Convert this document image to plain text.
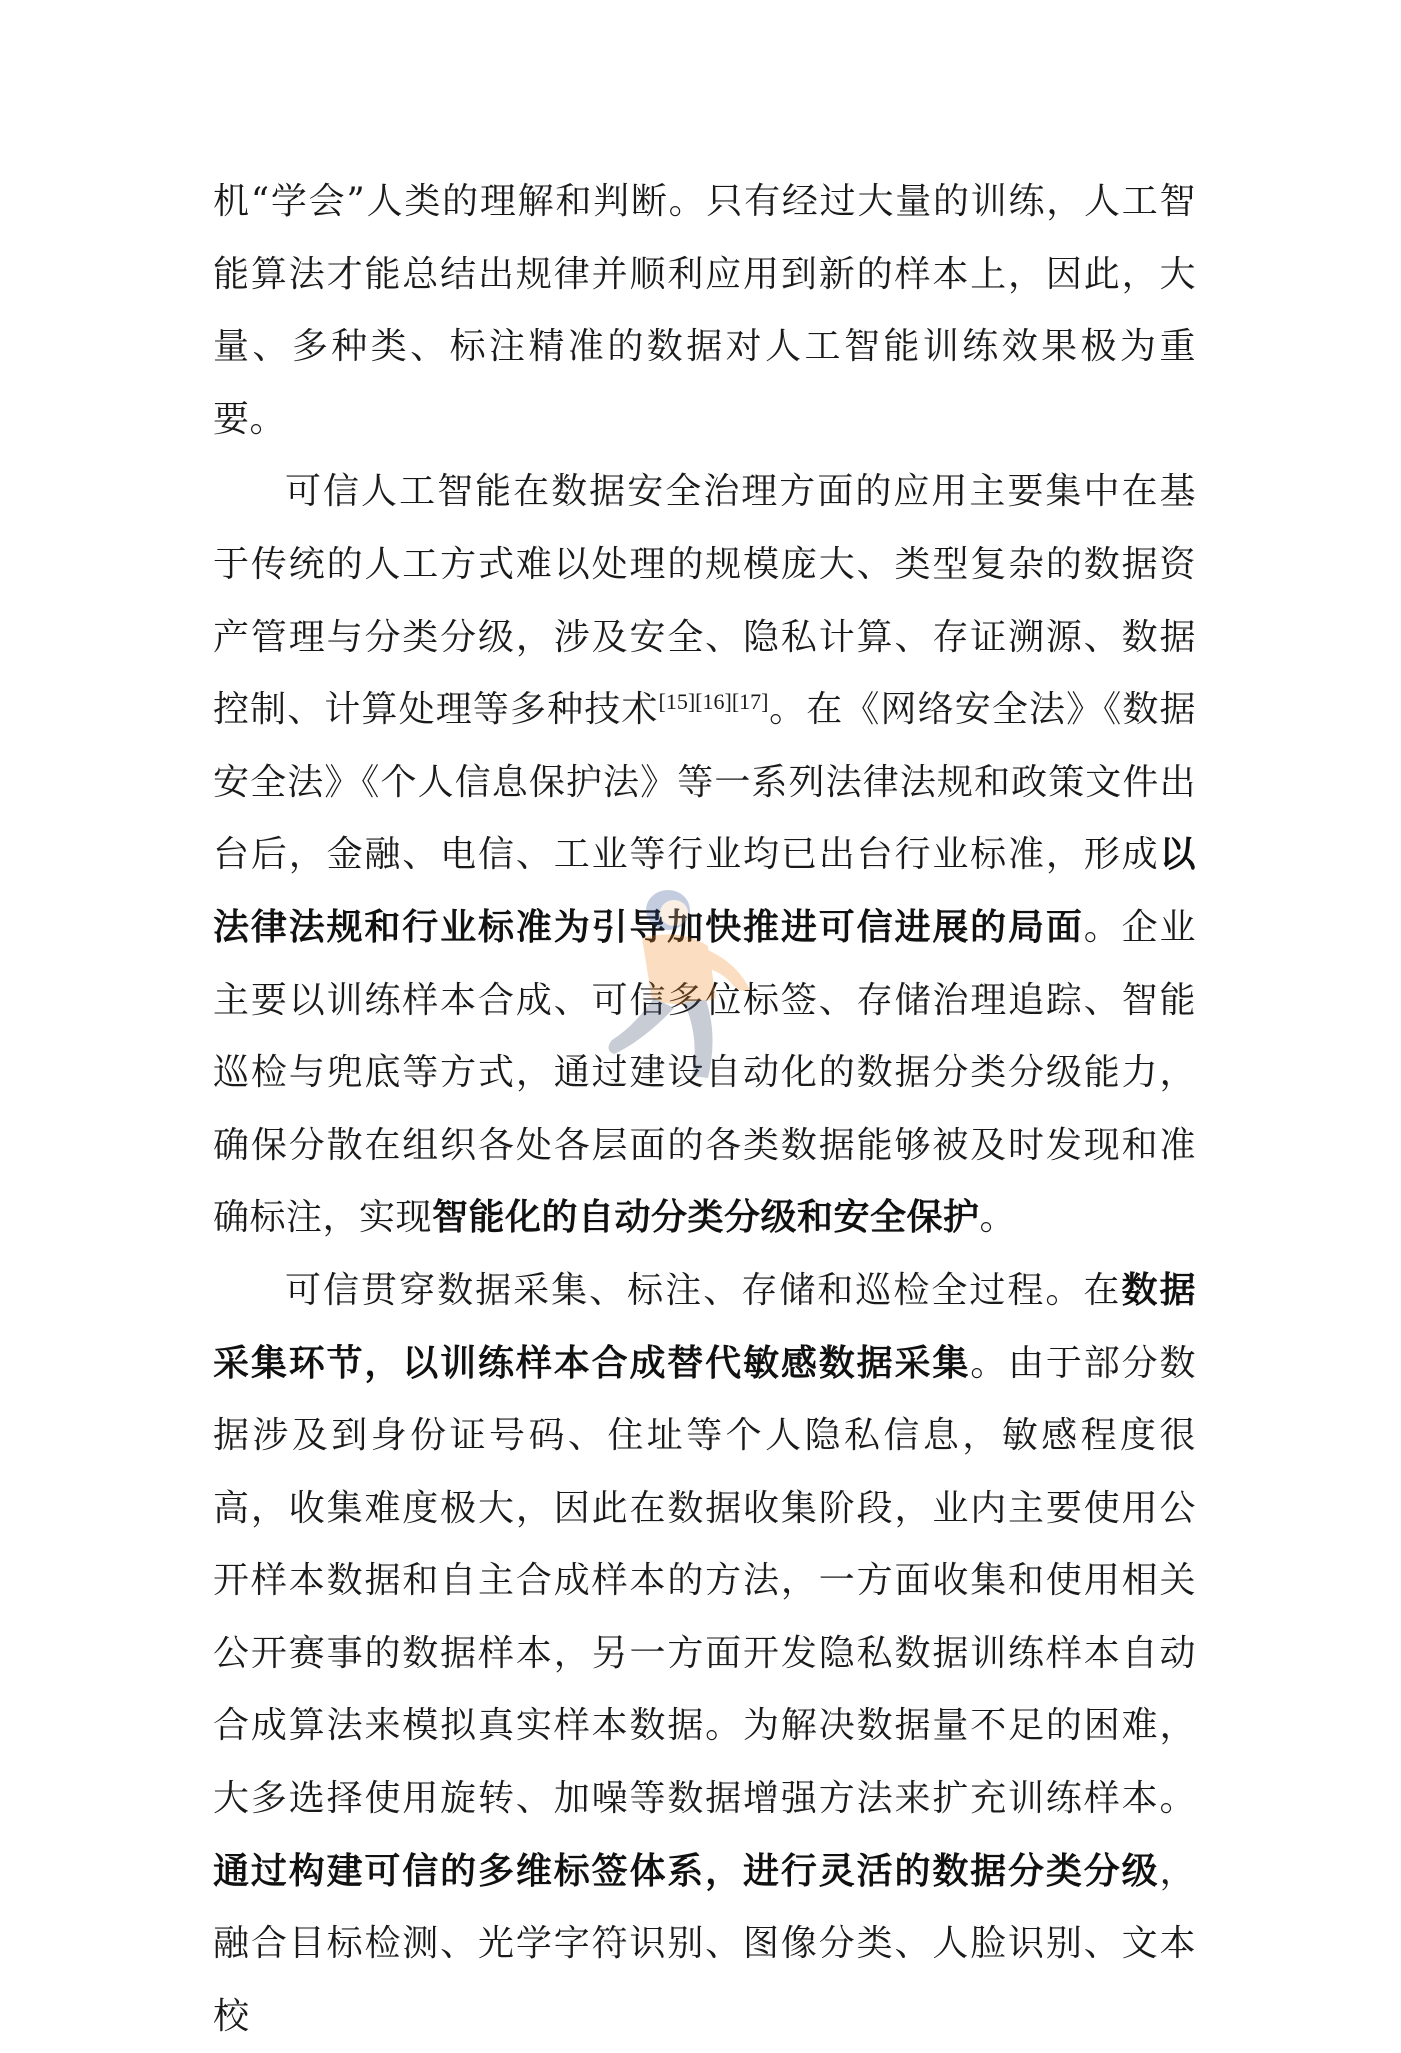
机“学会”人类的理解和判断。只有经过大量的训练，人工智能算法才能总结出规律并顺利应用到新的样本上，因此，大量、多种类、标注精准的数据对人工智能训练效果极为重要。

可信人工智能在数据安全治理方面的应用主要集中在基于传统的人工方式难以处理的规模庞大、类型复杂的数据资产管理与分类分级，涉及安全、隐私计算、存证溯源、数据控制、计算处理等多种技术[15][16][17]。在《网络安全法》《数据安全法》《个人信息保护法》等一系列法律法规和政策文件出台后，金融、电信、工业等行业均已出台行业标准，形成以法律法规和行业标准为引导加快推进可信进展的局面。企业主要以训练样本合成、可信多位标签、存储治理追踪、智能巡检与兜底等方式，通过建设自动化的数据分类分级能力，确保分散在组织各处各层面的各类数据能够被及时发现和准确标注，实现智能化的自动分类分级和安全保护。

可信贯穿数据采集、标注、存储和巡检全过程。在数据采集环节，以训练样本合成替代敏感数据采集。由于部分数据涉及到身份证号码、住址等个人隐私信息，敏感程度很高，收集难度极大，因此在数据收集阶段，业内主要使用公开样本数据和自主合成样本的方法，一方面收集和使用相关公开赛事的数据样本，另一方面开发隐私数据训练样本自动合成算法来模拟真实样本数据。为解决数据量不足的困难，大多选择使用旋转、加噪等数据增强方法来扩充训练样本。通过构建可信的多维标签体系，进行灵活的数据分类分级，融合目标检测、光学字符识别、图像分类、人脸识别、文本校
